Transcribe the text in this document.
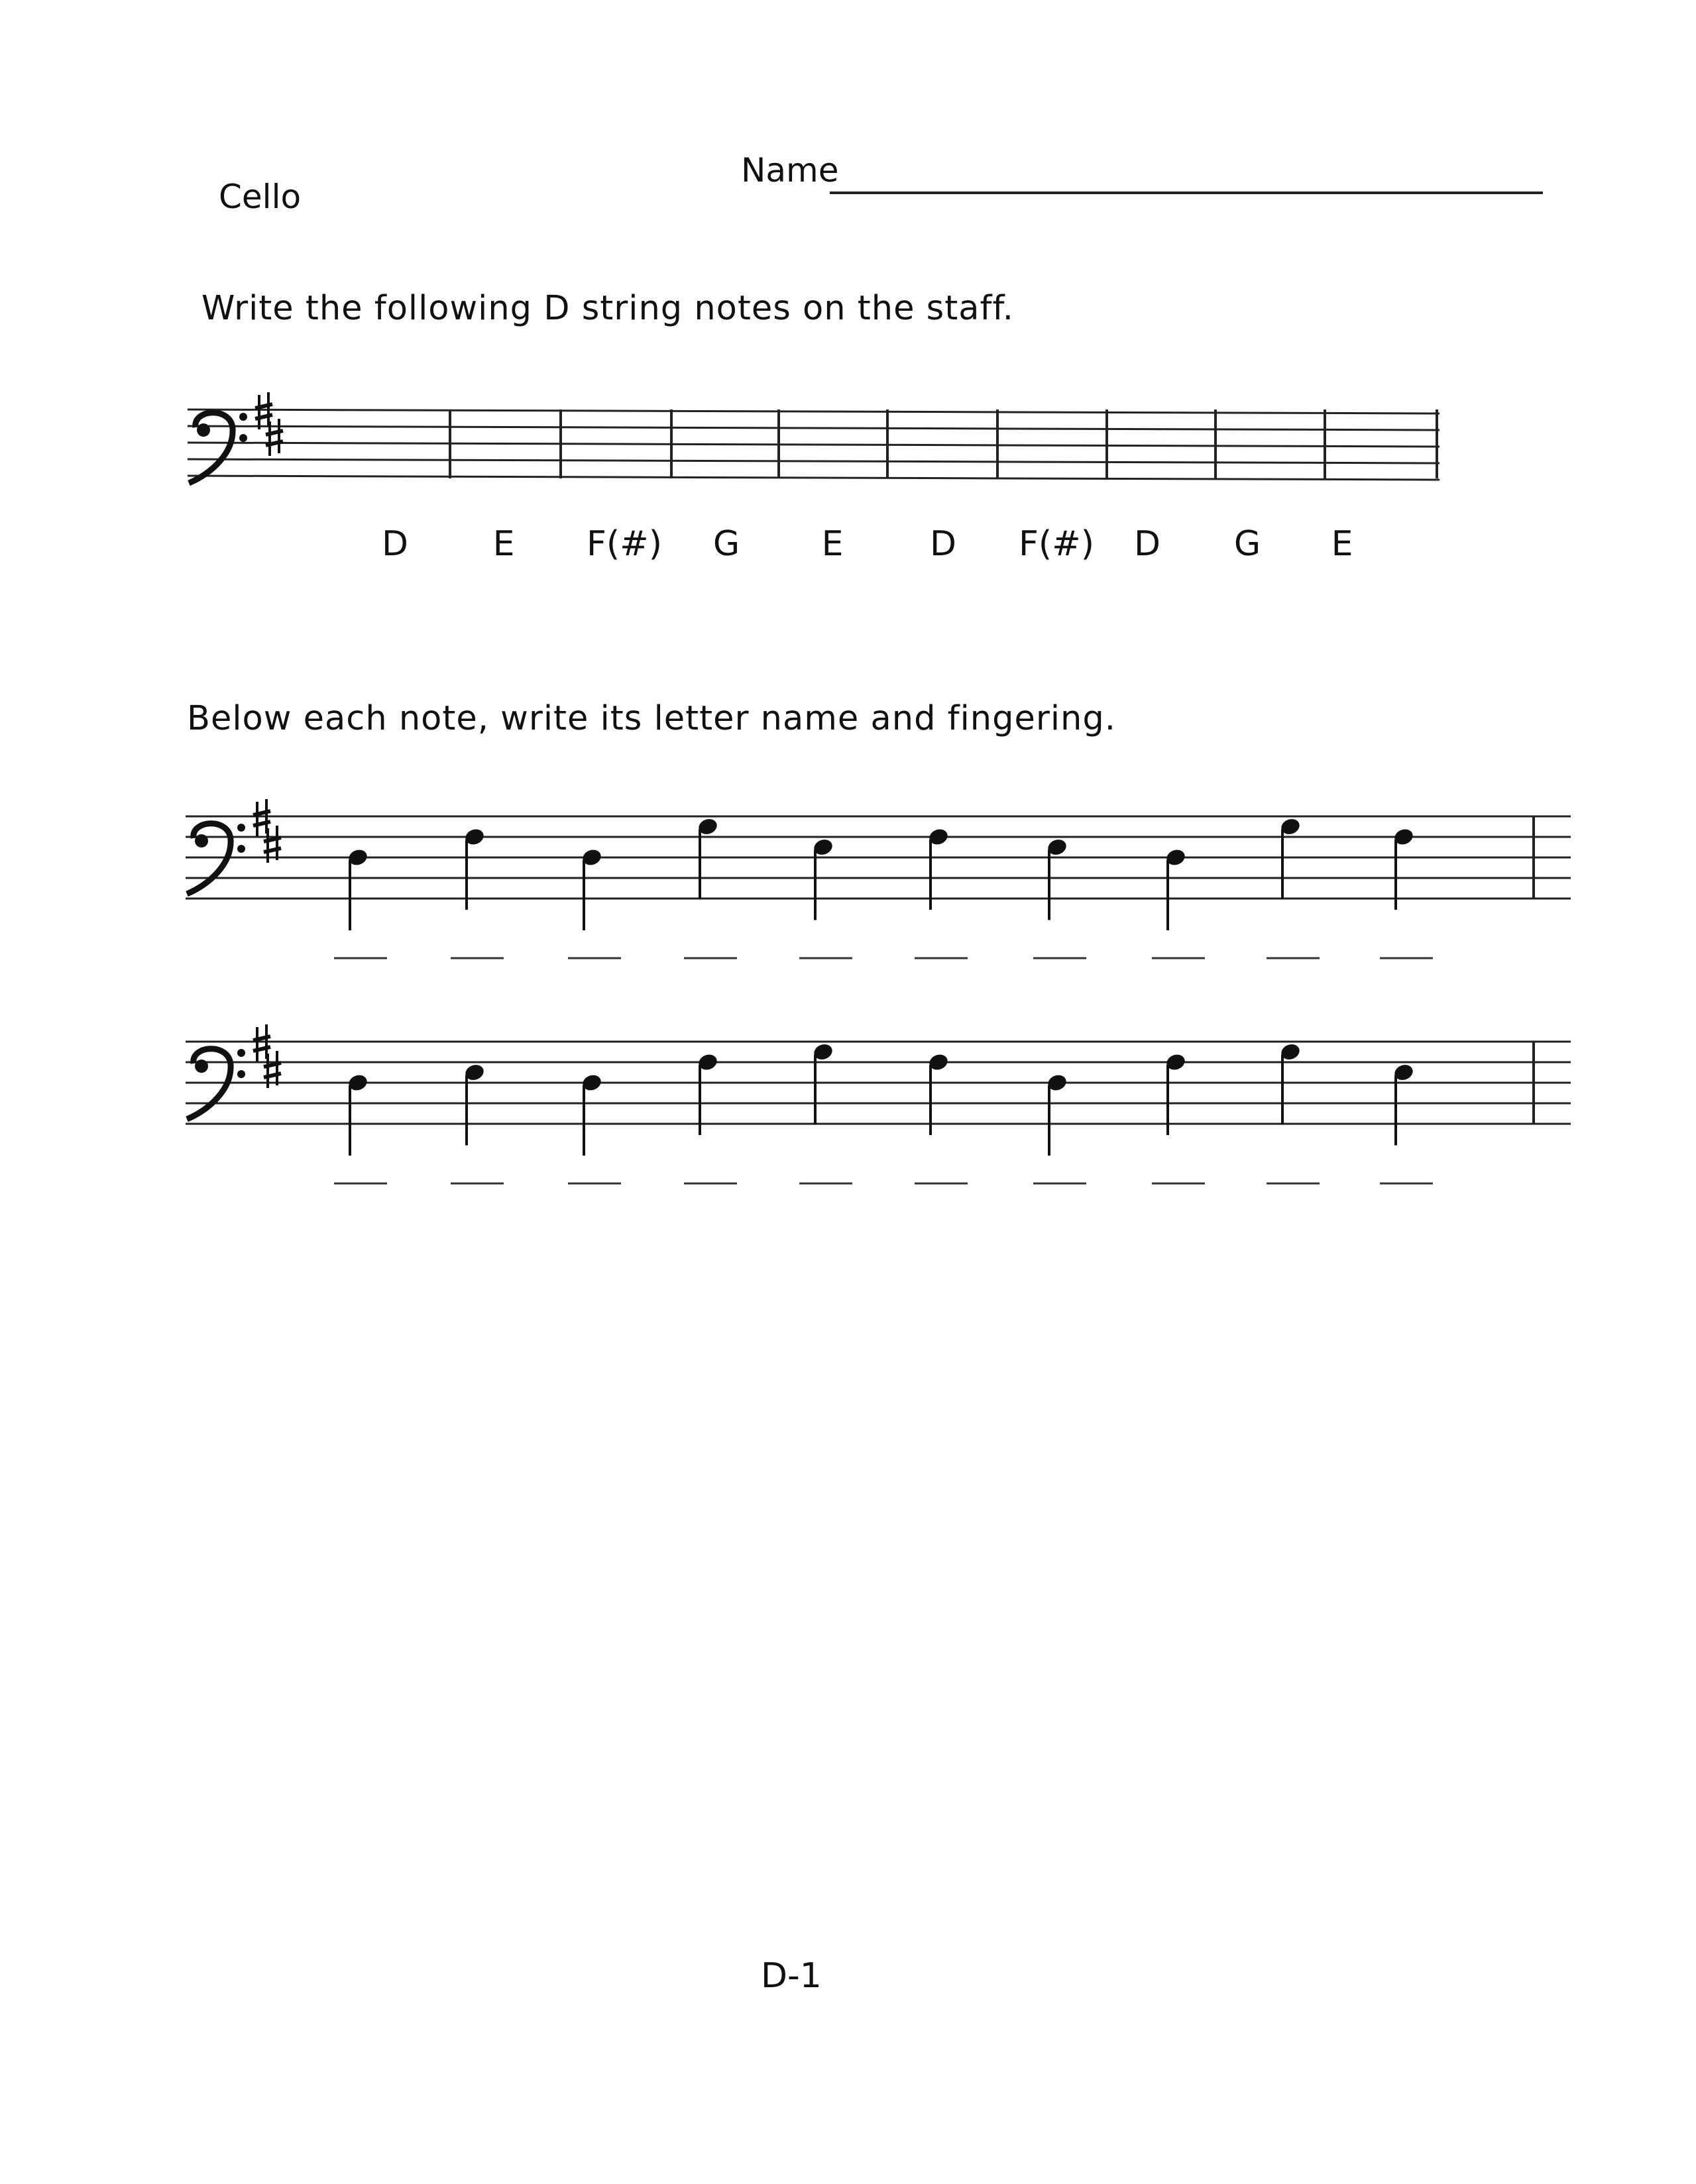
Cello
Name
Write the following D string notes on the staff.
D E F(#) G E	D F(#) D G E
Below each note, write its letter name and fingering.
D-1
